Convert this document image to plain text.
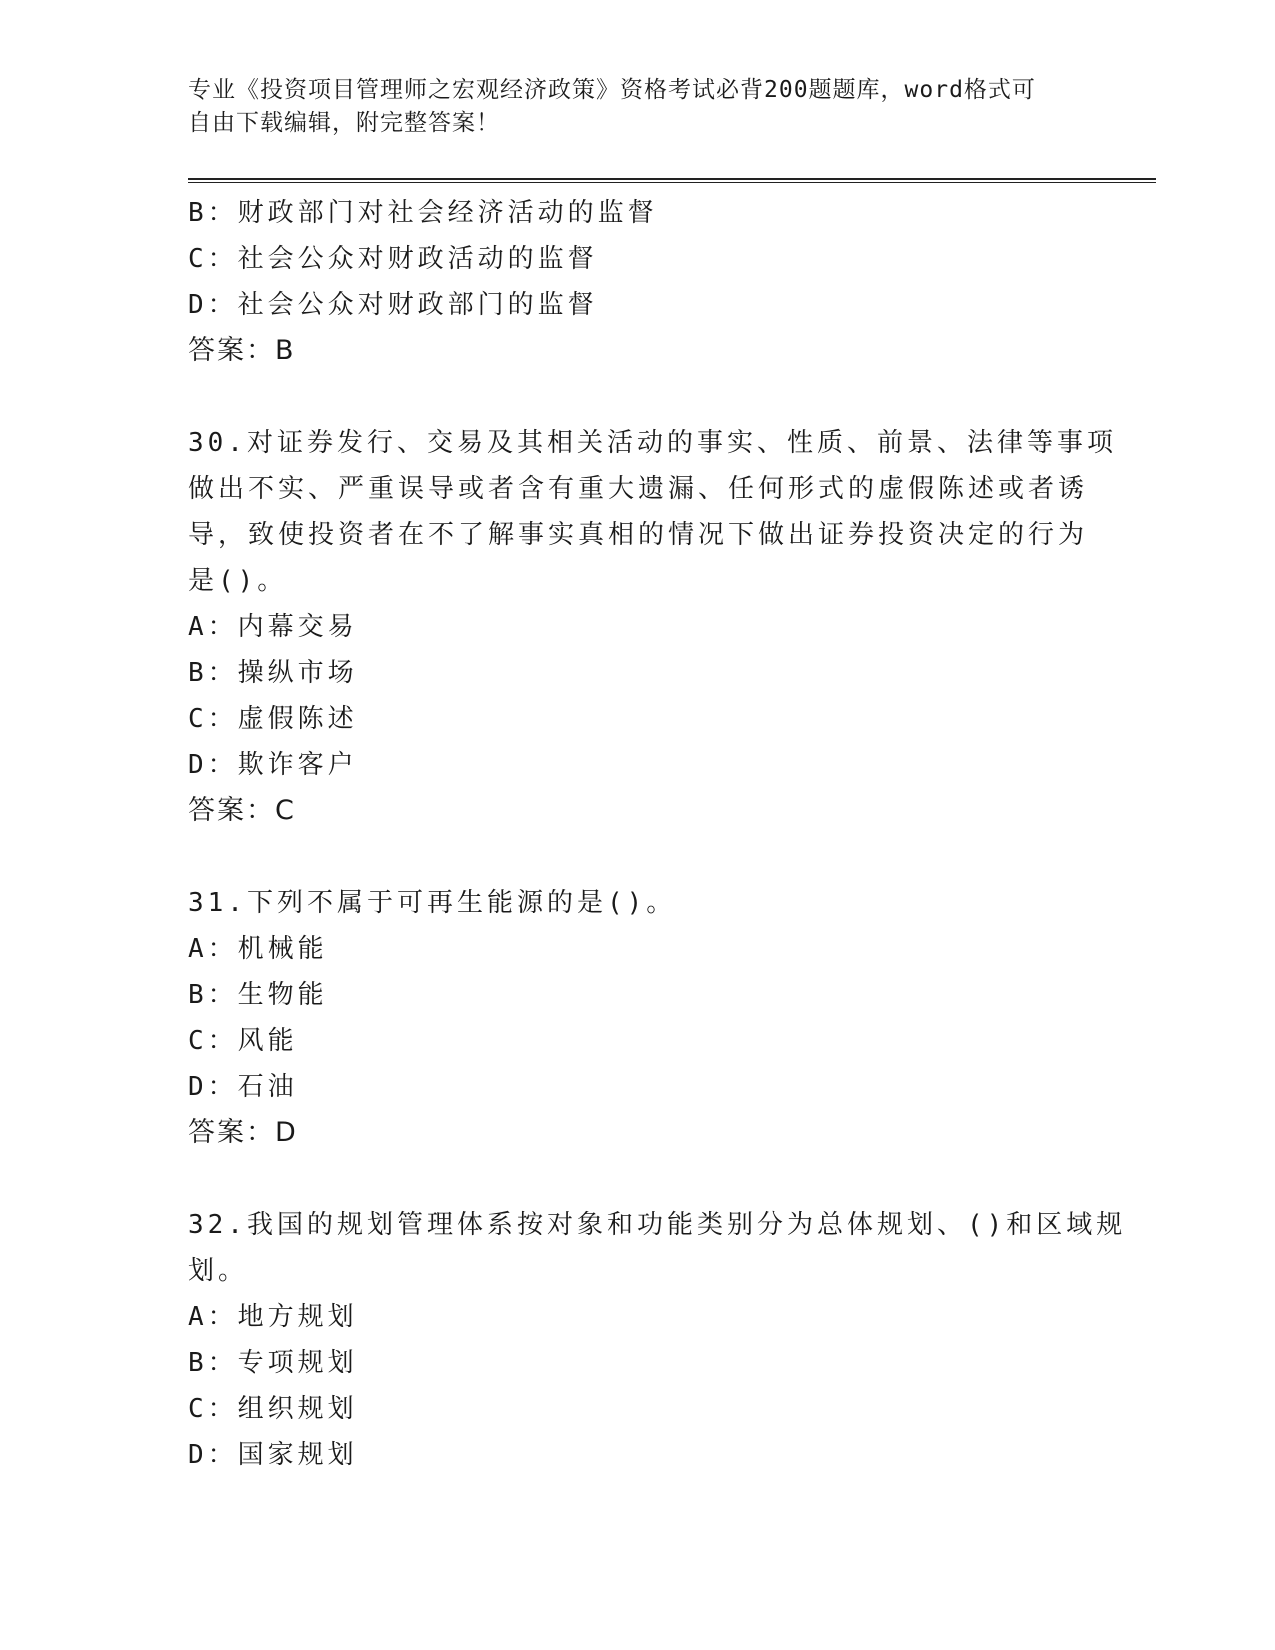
专业《投资项目管理师之宏观经济政策》资格考试必背200题题库，word格式可
自由下载编辑，附完整答案！
B：财政部门对社会经济活动的监督
C：社会公众对财政活动的监督
D：社会公众对财政部门的监督
答案：B
30.对证券发行、交易及其相关活动的事实、性质、前景、法律等事项
做出不实、严重误导或者含有重大遗漏、任何形式的虚假陈述或者诱
导，致使投资者在不了解事实真相的情况下做出证券投资决定的行为
是()。
A：内幕交易
B：操纵市场
C：虚假陈述
D：欺诈客户
答案：C
31.下列不属于可再生能源的是()。
A：机械能
B：生物能
C：风能
D：石油
答案：D
32.我国的规划管理体系按对象和功能类别分为总体规划、()和区域规
划。
A：地方规划
B：专项规划
C：组织规划
D：国家规划
